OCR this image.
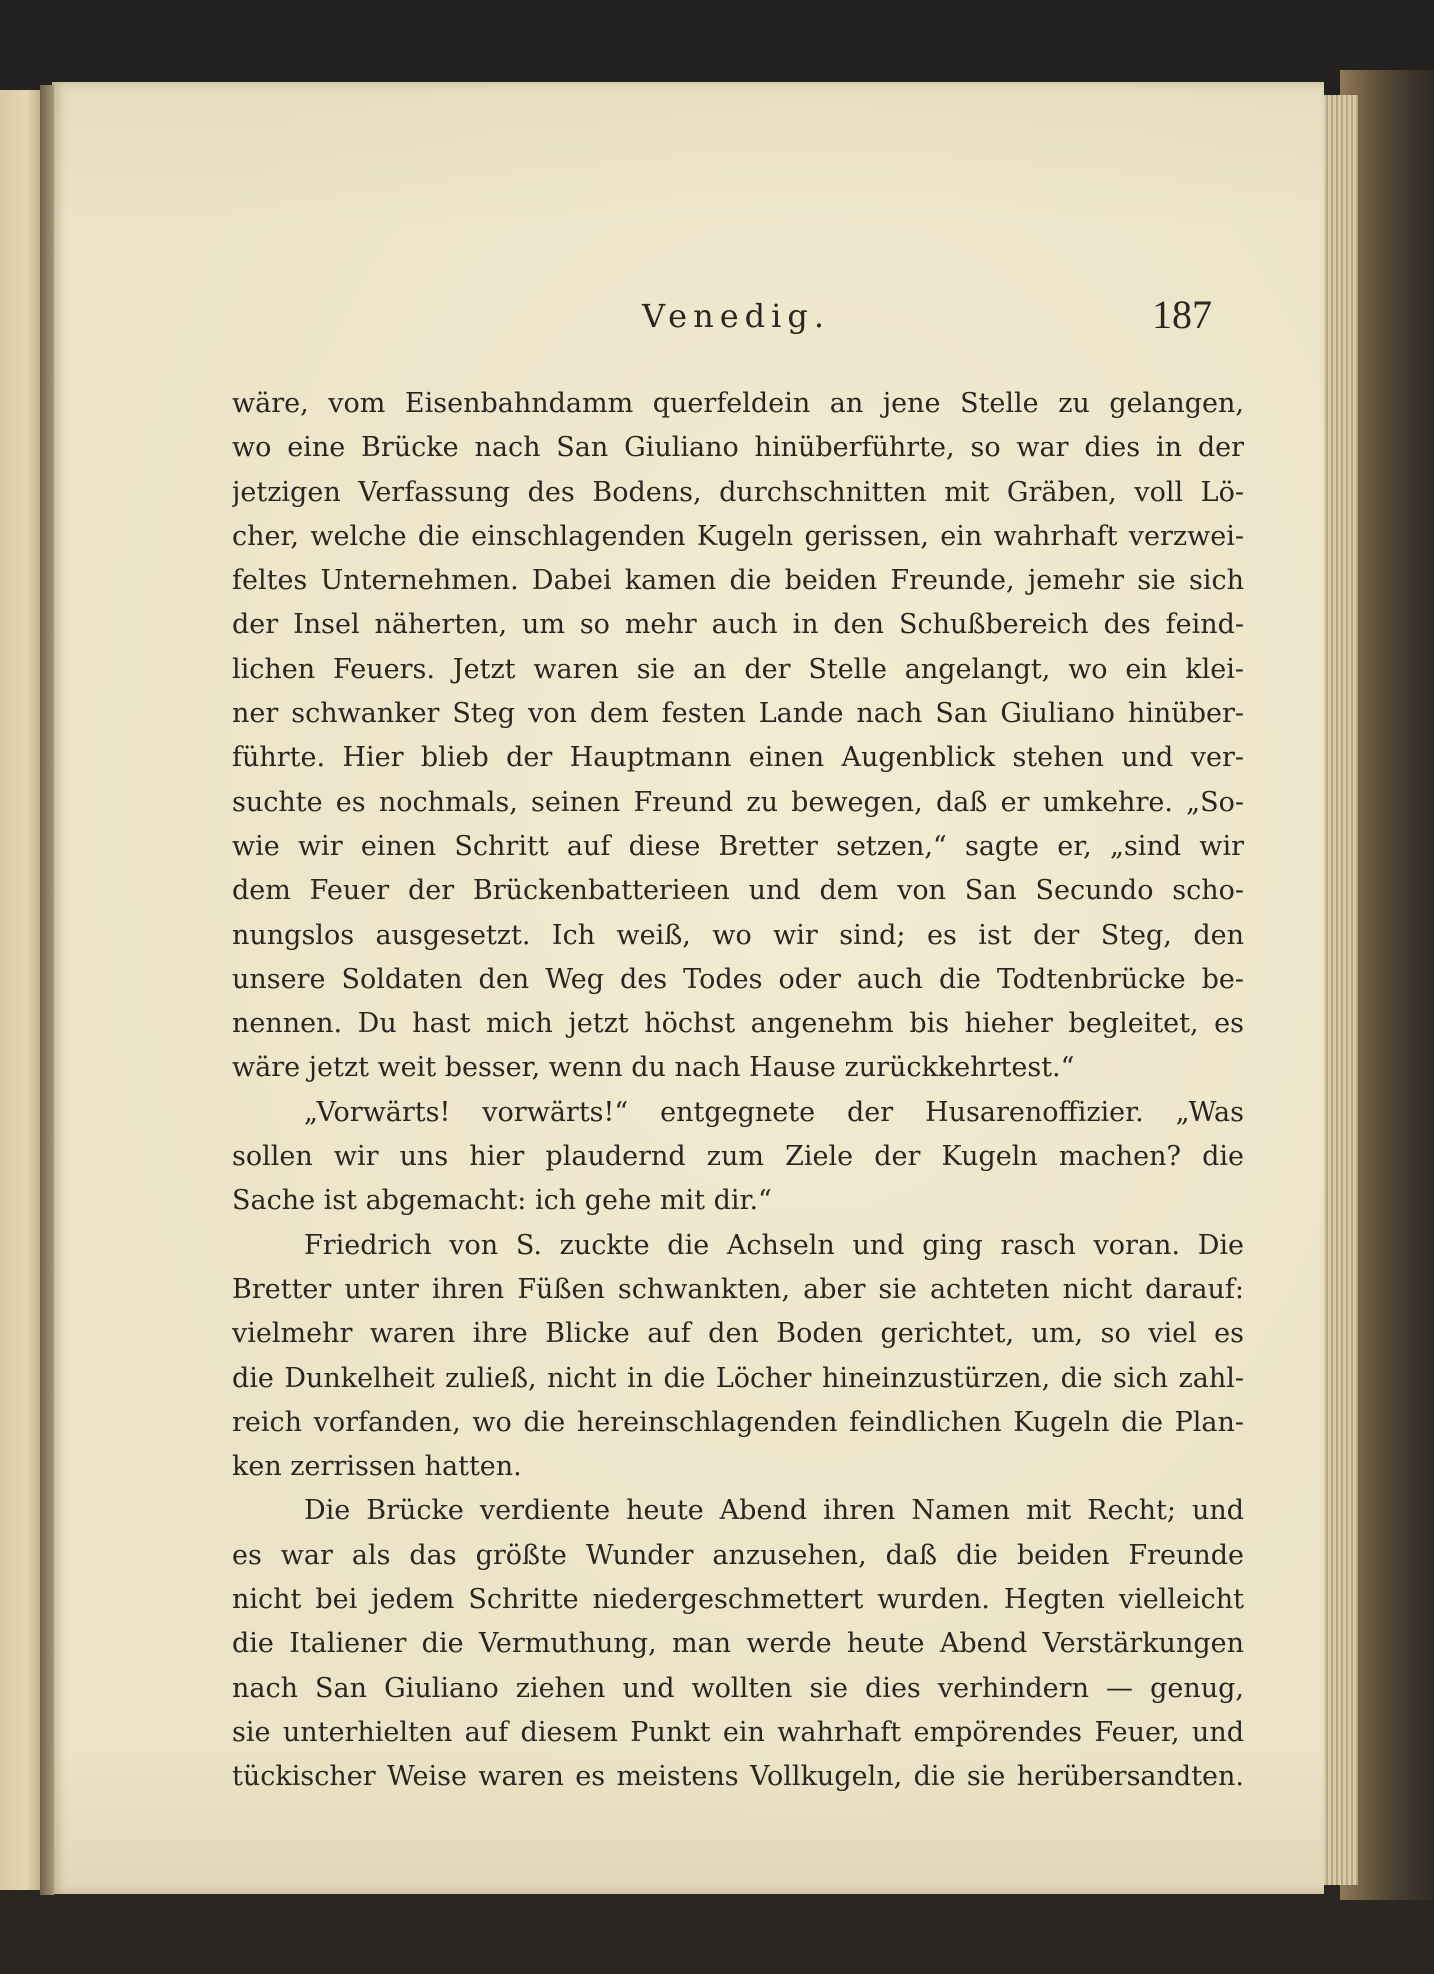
Venedig.	187
wäre, vom Eisenbahndamm querfeldein an jene Stelle zu gelangen,
wo eine Brücke nach San Giuliano hinüberführte, so war dies in der
jetzigen Verfassung des Bodens, durchschnitten mit Gräben, voll Lö-
cher, welche die einschlagenden Kugeln gerissen, ein wahrhaft verzwei-
feltes Unternehmen. Dabei kamen die beiden Freunde, jemehr sie sich
der Insel näherten, um so mehr auch in den Schußbereich des feind-
lichen Feuers. Jetzt waren sie an der Stelle angelangt, wo ein klei-
ner schwanker Steg von dem festen Lande nach San Giuliano hinüber-
führte. Hier blieb der Hauptmann einen Augenblick stehen und ver-
suchte es nochmals, seinen Freund zu bewegen, daß er umkehre. „So-
wie wir einen Schritt auf diese Bretter setzen,“ sagte er, „sind wir
dem Feuer der Brückenbatterieen und dem von San Secundo scho-
nungslos ausgesetzt. Ich weiß, wo wir sind; es ist der Steg, den
unsere Soldaten den Weg des Todes oder auch die Todtenbrücke be-
nennen. Du hast mich jetzt höchst angenehm bis hieher begleitet, es
wäre jetzt weit besser, wenn du nach Hause zurückkehrtest.“
„Vorwärts! vorwärts!“ entgegnete der Husarenoffizier. „Was
sollen wir uns hier plaudernd zum Ziele der Kugeln machen? die
Sache ist abgemacht: ich gehe mit dir.“
Friedrich von S. zuckte die Achseln und ging rasch voran. Die
Bretter unter ihren Füßen schwankten, aber sie achteten nicht darauf:
vielmehr waren ihre Blicke auf den Boden gerichtet, um, so viel es
die Dunkelheit zuließ, nicht in die Löcher hineinzustürzen, die sich zahl-
reich vorfanden, wo die hereinschlagenden feindlichen Kugeln die Plan-
ken zerrissen hatten.
Die Brücke verdiente heute Abend ihren Namen mit Recht; und
es war als das größte Wunder anzusehen, daß die beiden Freunde
nicht bei jedem Schritte niedergeschmettert wurden. Hegten vielleicht
die Italiener die Vermuthung, man werde heute Abend Verstärkungen
nach San Giuliano ziehen und wollten sie dies verhindern — genug,
sie unterhielten auf diesem Punkt ein wahrhaft empörendes Feuer, und
tückischer Weise waren es meistens Vollkugeln, die sie herübersandten.
